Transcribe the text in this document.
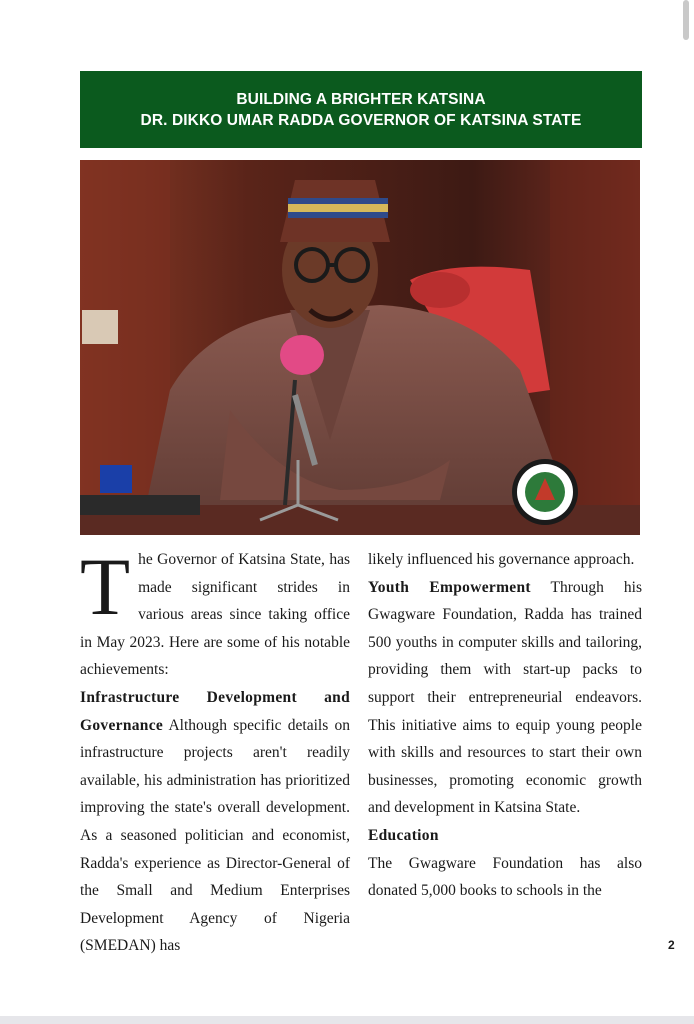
BUILDING A BRIGHTER KATSINA
DR. DIKKO UMAR RADDA GOVERNOR OF KATSINA STATE

The Governor of Katsina State, has made significant strides in various areas since taking office in May 2023. Here are some of his notable achievements:

Infrastructure Development and Governance Although specific details on infrastructure projects aren't readily available, his administration has prioritized improving the state's overall development. As a seasoned politician and economist, Radda's experience as Director-General of the Small and Medium Enterprises Development Agency of Nigeria (SMEDAN) has

likely influenced his governance approach.

Youth Empowerment Through his Gwagware Foundation, Radda has trained 500 youths in computer skills and tailoring, providing them with start-up packs to support their entrepreneurial endeavors. This initiative aims to equip young people with skills and resources to start their own businesses, promoting economic growth and development in Katsina State.

Education

The Gwagware Foundation has also donated 5,000 books to schools in the

2
